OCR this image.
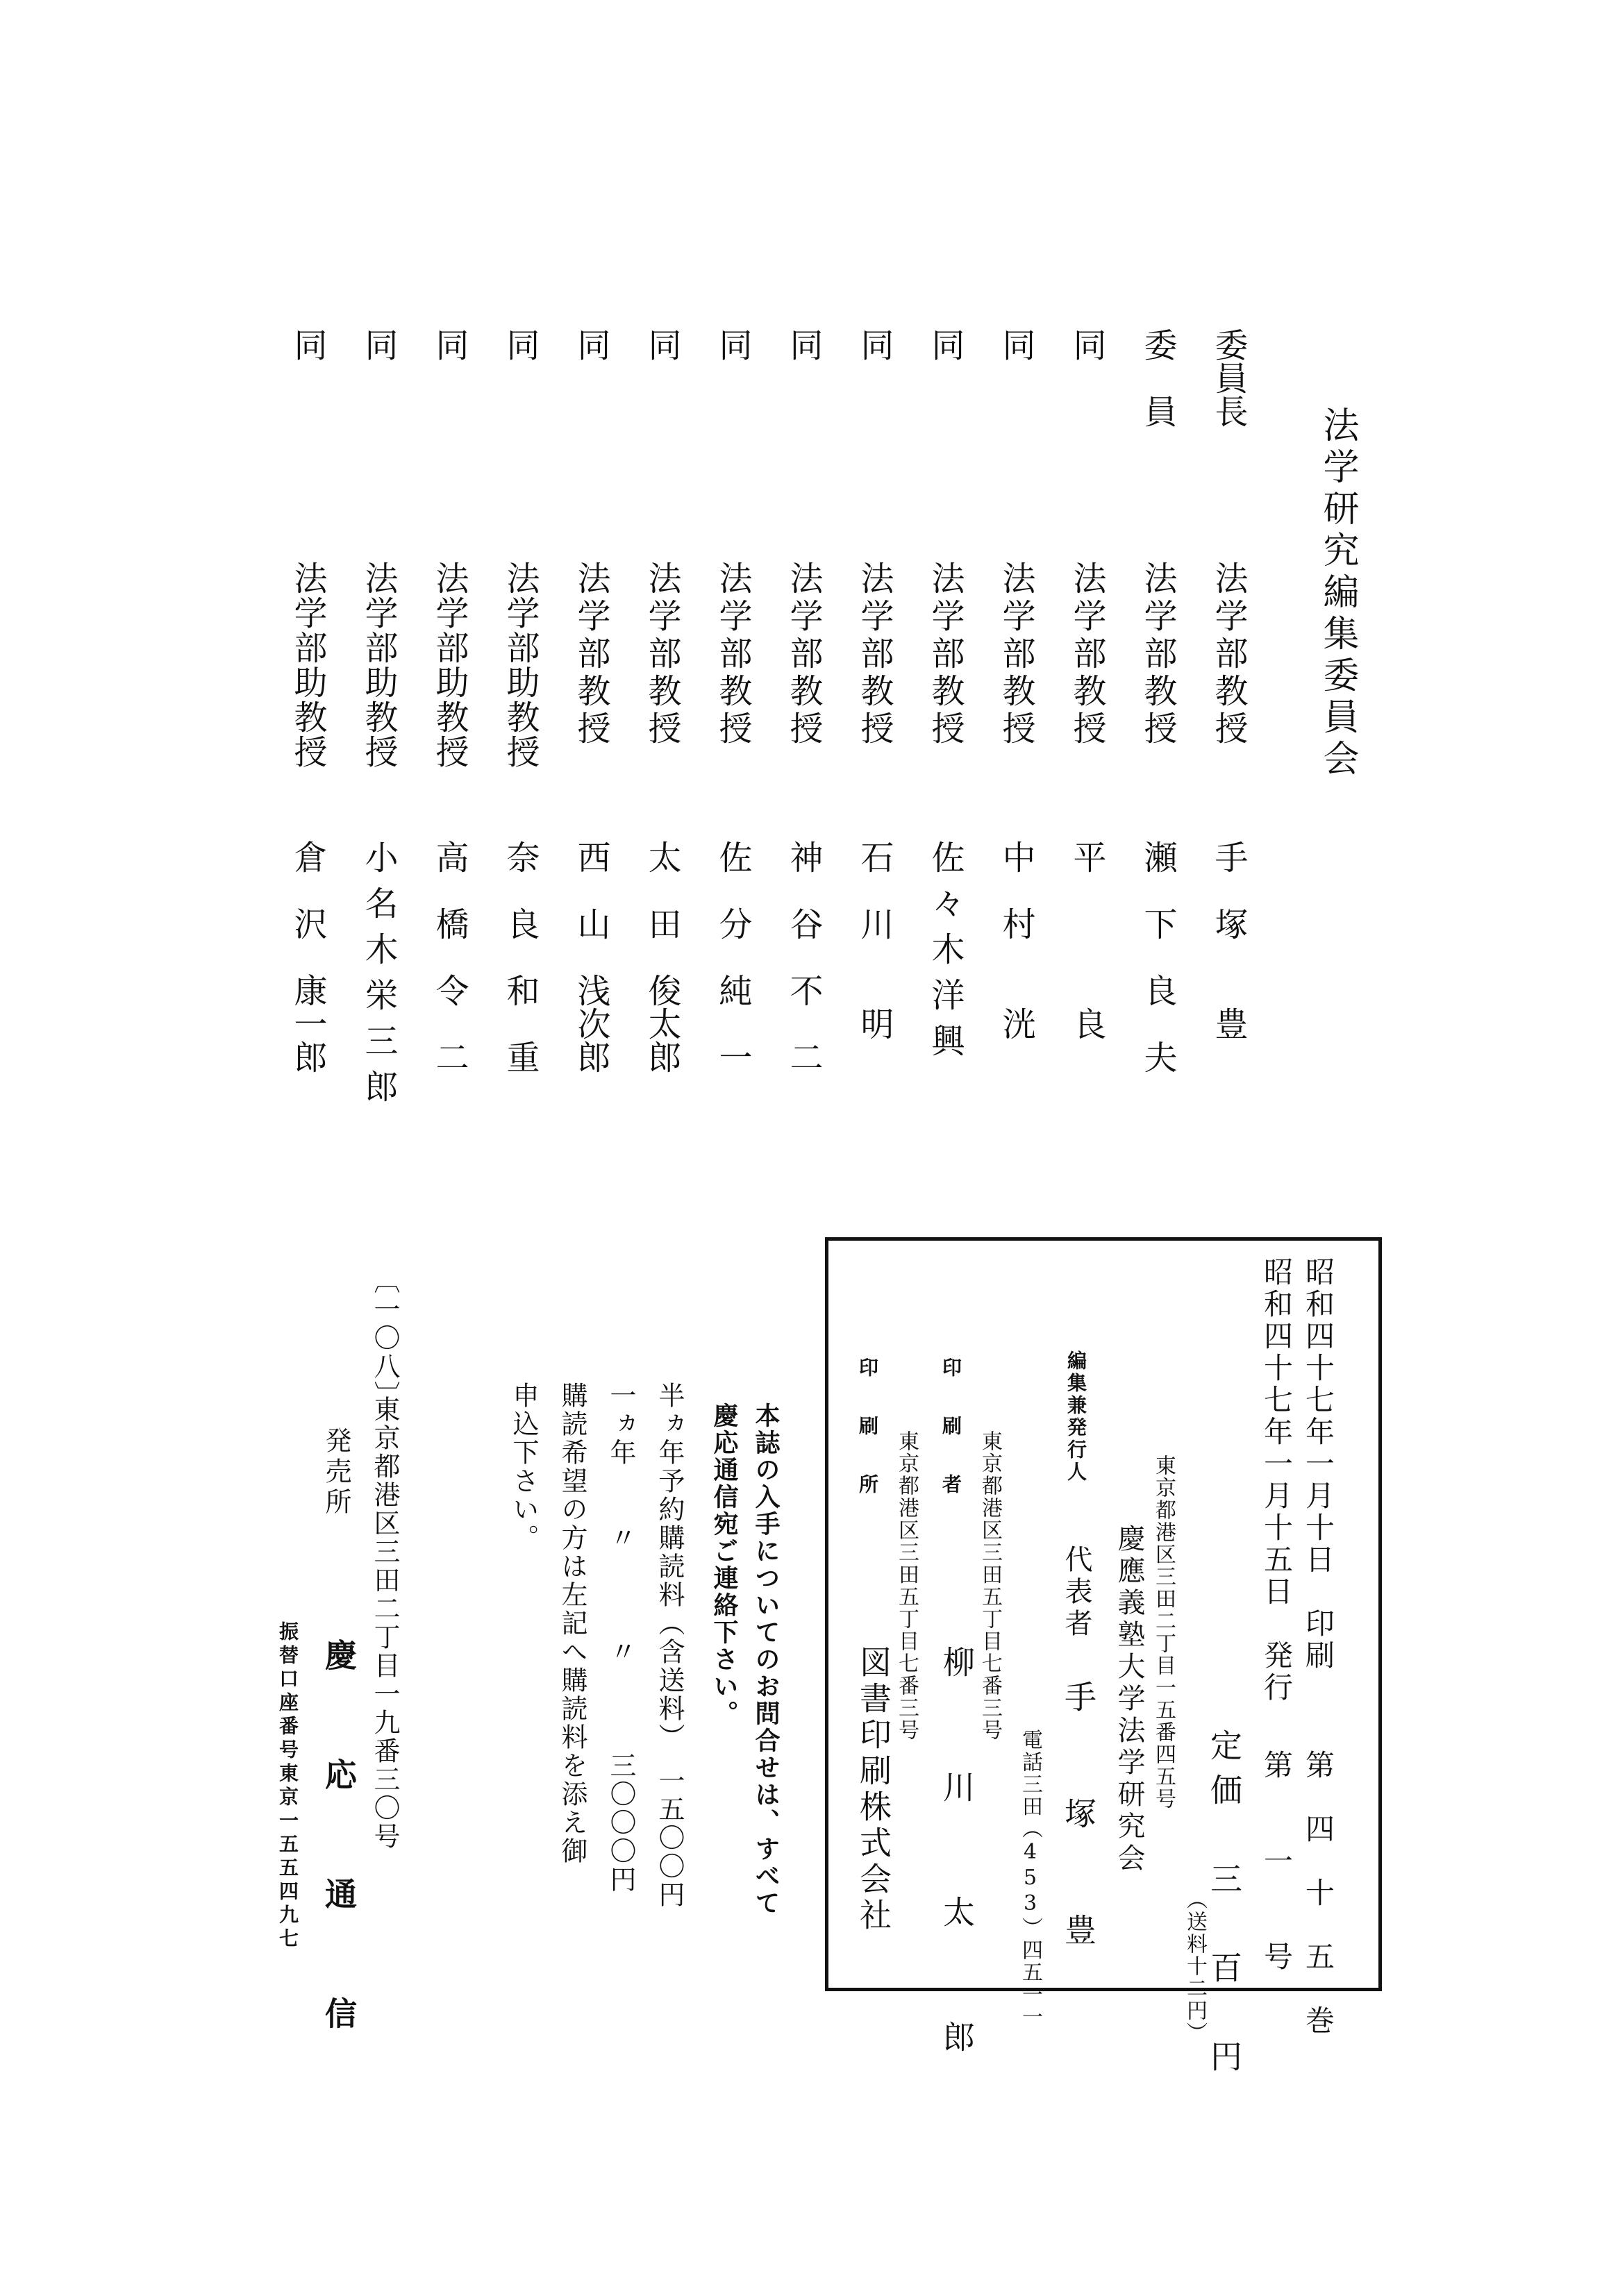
法学研究編集委員会
委員長
法学部教授
手　塚　　豊
委　員
法学部教授
瀬　下　良　夫
同
法学部教授
平　　　　良
同
法学部教授
中　村　　洸
同
法学部教授
佐々木洋興
同
法学部教授
石　川　　明
同
法学部教授
神　谷　不　二
同
法学部教授
佐　分　純　一
同
法学部教授
太　田　俊太郎
同
法学部教授
西　山　浅次郎
同
法学部助教授
奈　良　和　重
同
法学部助教授
高　橋　令　二
同
法学部助教授
小名木栄三郎
同
法学部助教授
倉　沢　康一郎
昭和四十七年一月十日　印刷
昭和四十七年一月十五日　発行
第　四　十　五　巻
第　　一　　号
定価　三　百　円
（送料十二円）
東京都港区三田二丁目一五番四五号
慶應義塾大学法学研究会
編集兼発行人
代表者
手　　塚　　豊
電話三田（453）四五一一
印　刷　者 東京都港区三田五丁目七番三号
柳　　川　　太　　郎
印　刷　所 東京都港区三田五丁目七番三号
図書印刷株式会社
本誌の入手についてのお問合せは、すべて
慶応通信宛ご連絡下さい。
半ヵ年予約購読料（含送料）　一五〇〇円
一ヵ年　　〃　　　〃　　　三〇〇〇円
購読希望の方は左記へ購読料を添え御
申込下さい。
〔一〇八〕
東京都港区三田二丁目一九番三〇号
発売所
慶　応　通　信
振替口座番号東京一五五四九七
